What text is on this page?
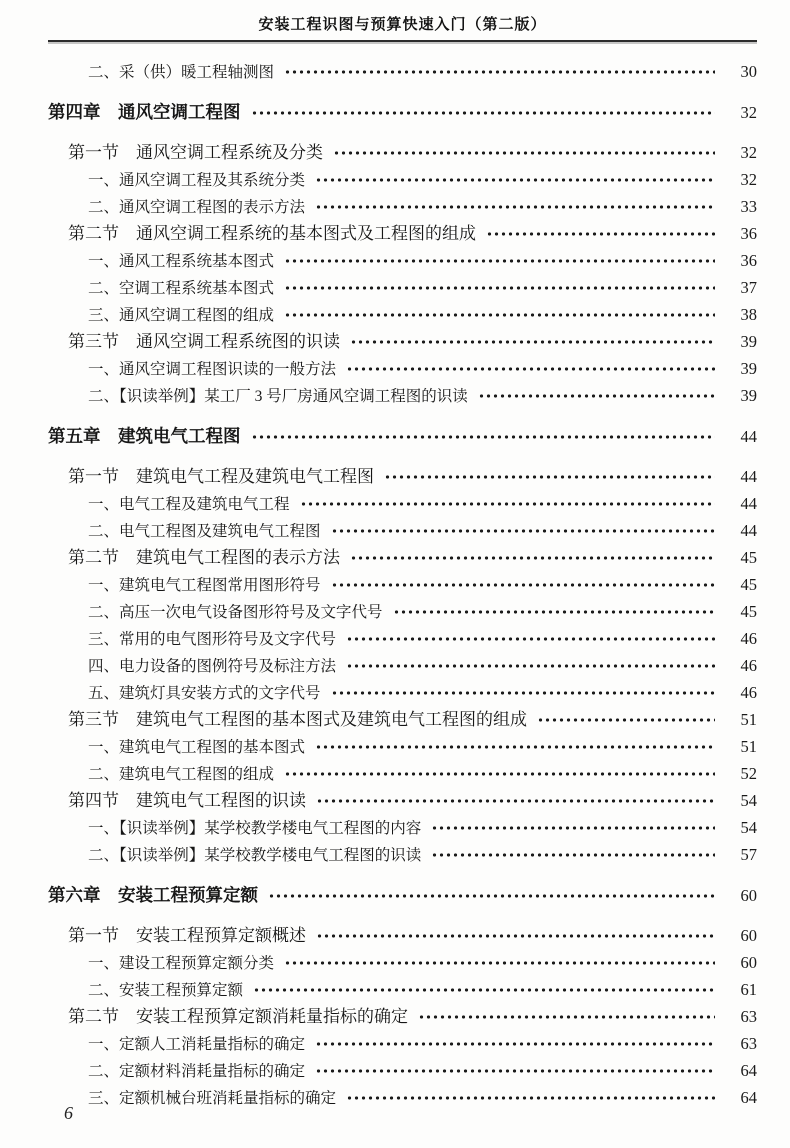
安装工程识图与预算快速入门（第二版）
二、采（供）暖工程轴测图	30
第四章　通风空调工程图	32
第一节　通风空调工程系统及分类	32
一、通风空调工程及其系统分类	32
二、通风空调工程图的表示方法	33
第二节　通风空调工程系统的基本图式及工程图的组成	36
一、通风工程系统基本图式	36
二、空调工程系统基本图式	37
三、通风空调工程图的组成	38
第三节　通风空调工程系统图的识读	39
一、通风空调工程图识读的一般方法	39
二、【识读举例】某工厂 3 号厂房通风空调工程图的识读	39
第五章　建筑电气工程图	44
第一节　建筑电气工程及建筑电气工程图	44
一、电气工程及建筑电气工程	44
二、电气工程图及建筑电气工程图	44
第二节　建筑电气工程图的表示方法	45
一、建筑电气工程图常用图形符号	45
二、高压一次电气设备图形符号及文字代号	45
三、常用的电气图形符号及文字代号	46
四、电力设备的图例符号及标注方法	46
五、建筑灯具安装方式的文字代号	46
第三节　建筑电气工程图的基本图式及建筑电气工程图的组成	51
一、建筑电气工程图的基本图式	51
二、建筑电气工程图的组成	52
第四节　建筑电气工程图的识读	54
一、【识读举例】某学校教学楼电气工程图的内容	54
二、【识读举例】某学校教学楼电气工程图的识读	57
第六章　安装工程预算定额	60
第一节　安装工程预算定额概述	60
一、建设工程预算定额分类	60
二、安装工程预算定额	61
第二节　安装工程预算定额消耗量指标的确定	63
一、定额人工消耗量指标的确定	63
二、定额材料消耗量指标的确定	64
三、定额机械台班消耗量指标的确定	64
6
